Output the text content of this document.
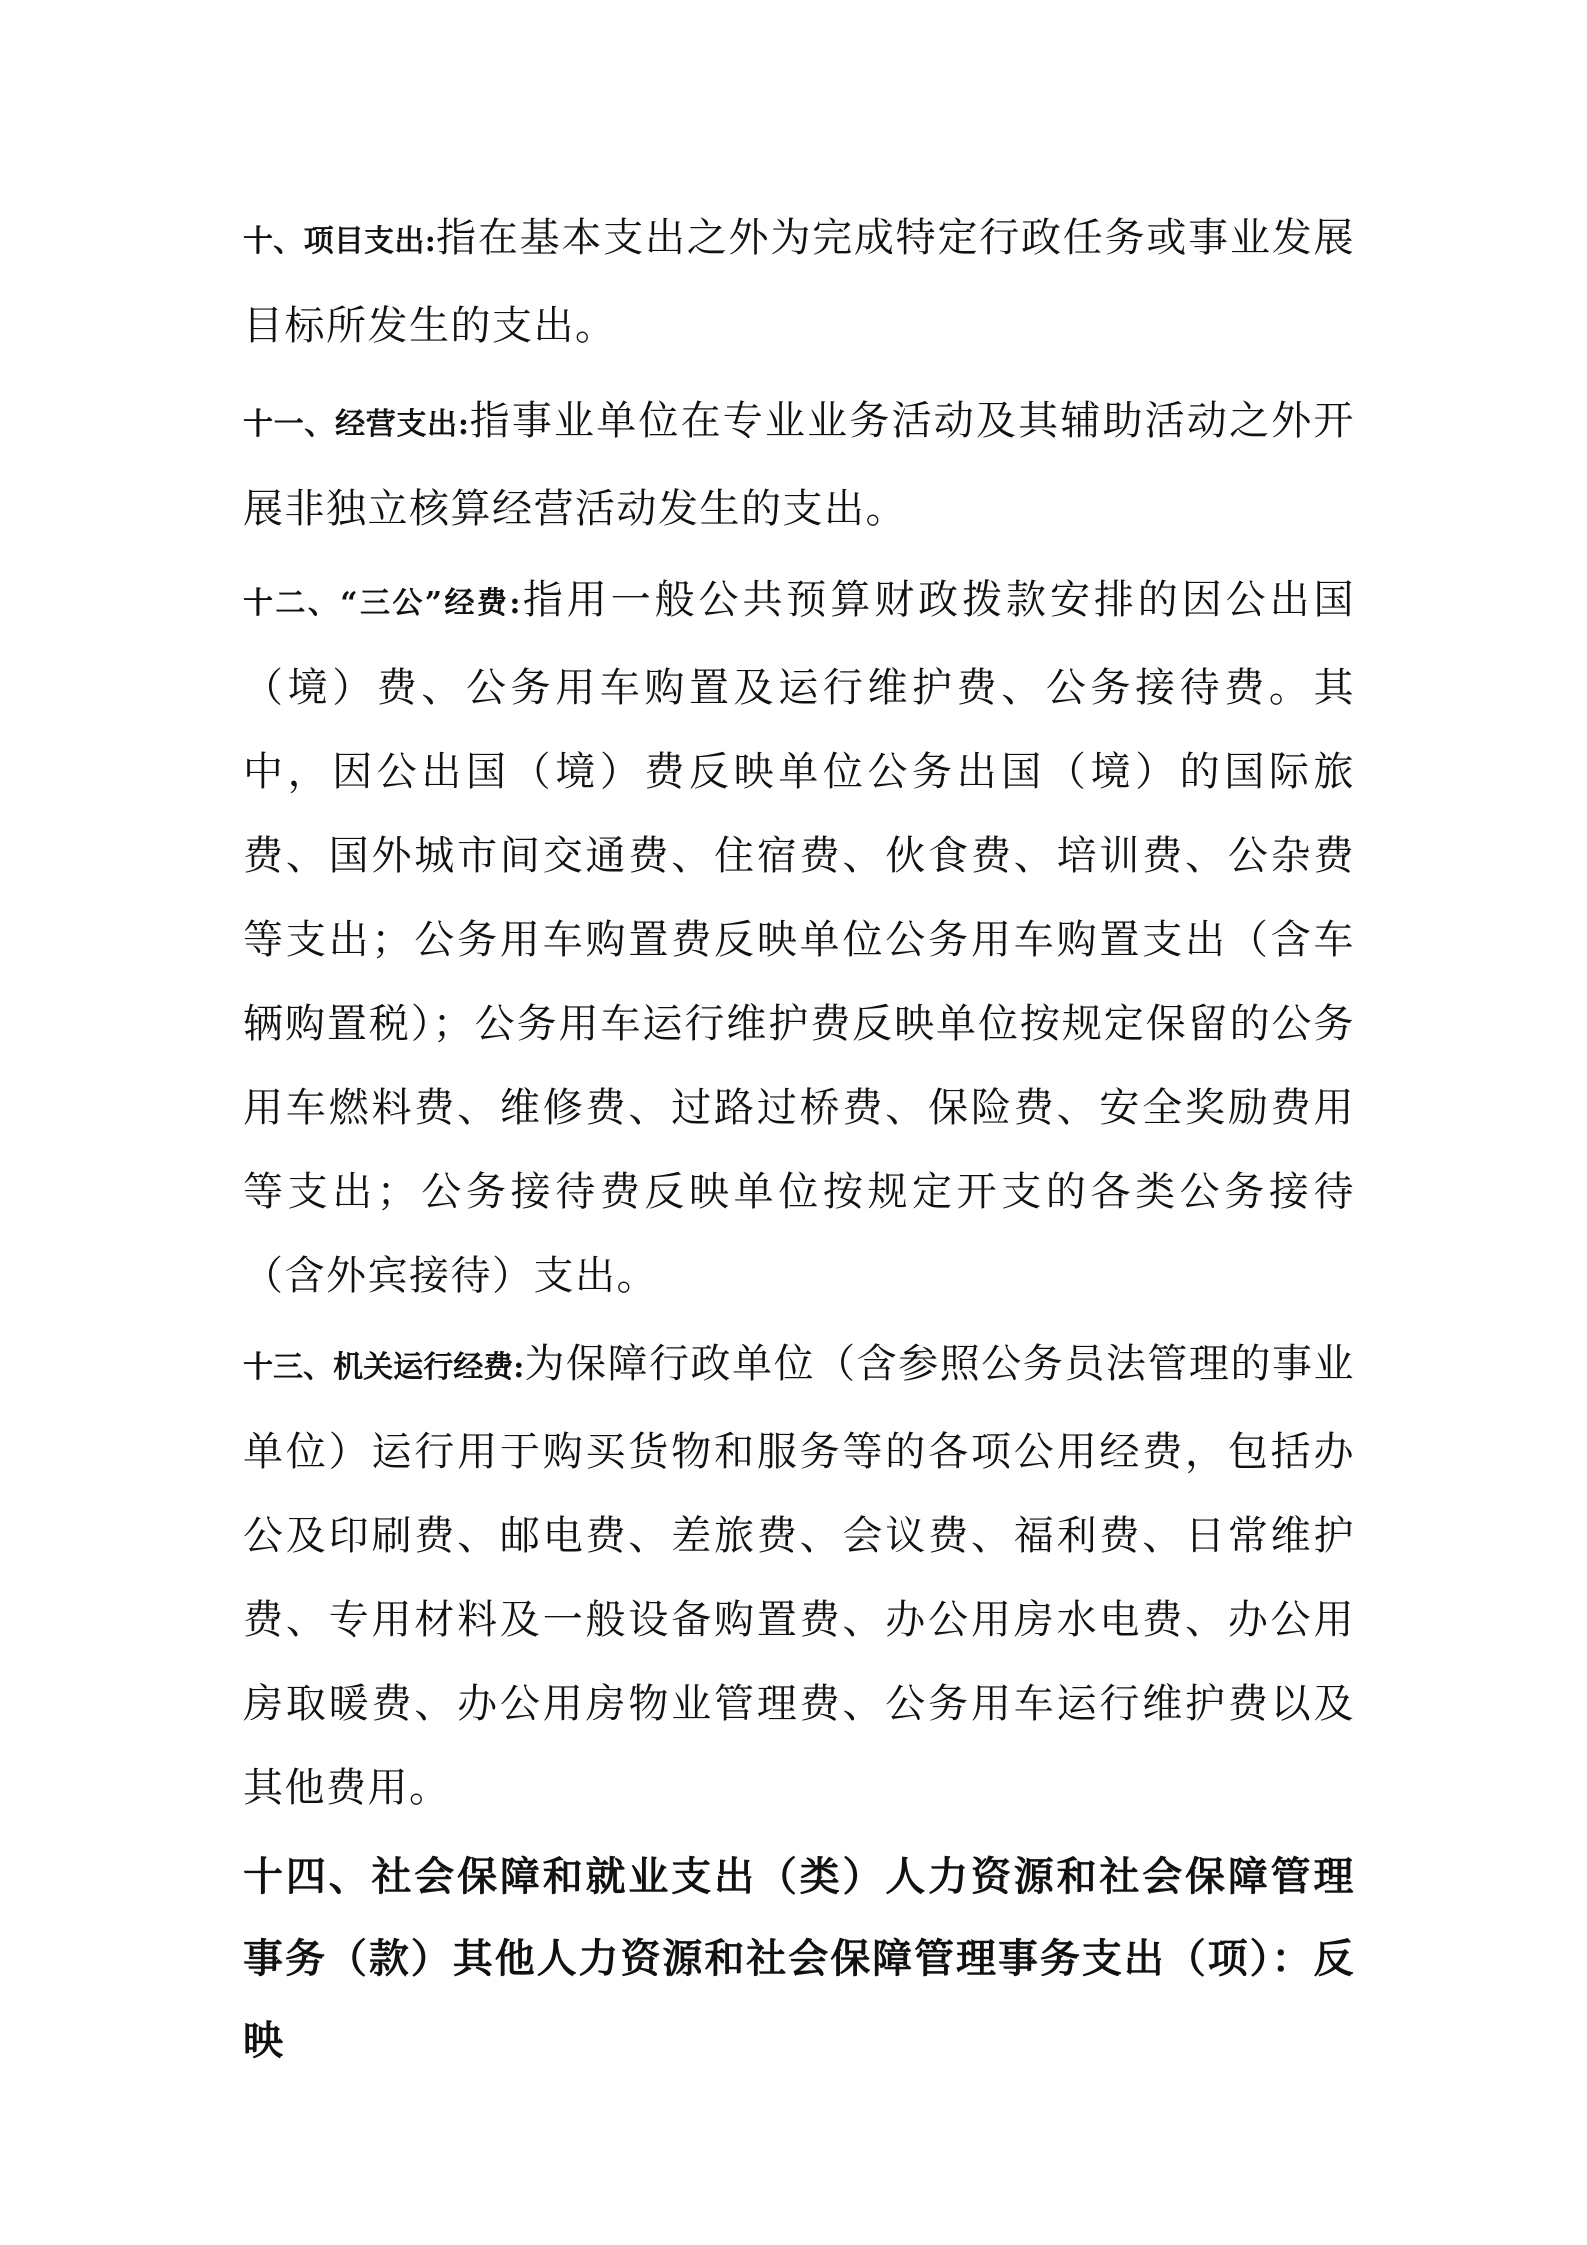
十、项目支出:指在基本支出之外为完成特定行政任务或事业发展目标所发生的支出。

十一、经营支出:指事业单位在专业业务活动及其辅助活动之外开展非独立核算经营活动发生的支出。

十二、“三公”经费:指用一般公共预算财政拨款安排的因公出国（境）费、公务用车购置及运行维护费、公务接待费。其中，因公出国（境）费反映单位公务出国（境）的国际旅费、国外城市间交通费、住宿费、伙食费、培训费、公杂费等支出；公务用车购置费反映单位公务用车购置支出（含车辆购置税）；公务用车运行维护费反映单位按规定保留的公务用车燃料费、维修费、过路过桥费、保险费、安全奖励费用等支出；公务接待费反映单位按规定开支的各类公务接待（含外宾接待）支出。

十三、机关运行经费:为保障行政单位（含参照公务员法管理的事业单位）运行用于购买货物和服务等的各项公用经费，包括办公及印刷费、邮电费、差旅费、会议费、福利费、日常维护费、专用材料及一般设备购置费、办公用房水电费、办公用房取暖费、办公用房物业管理费、公务用车运行维护费以及其他费用。

十四、社会保障和就业支出（类）人力资源和社会保障管理事务（款）其他人力资源和社会保障管理事务支出（项）：反映
